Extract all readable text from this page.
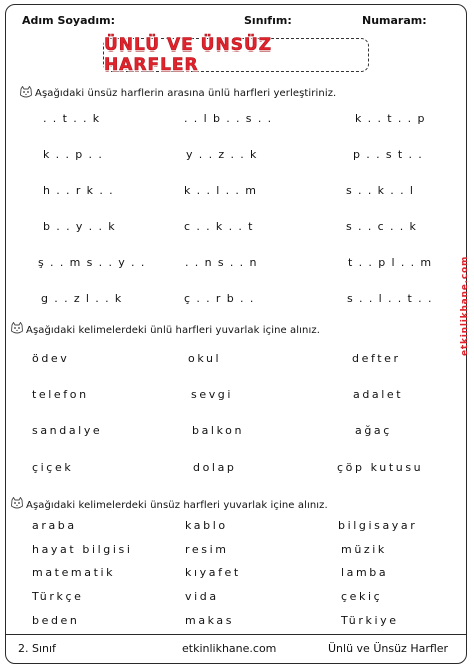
Adım Soyadım:	Sınıfım:	Numaram:
ÜNLÜ VE ÜNSÜZ HARFLER
Aşağıdaki ünsüz harflerin arasına ünlü harfleri yerleştiriniz.
. . t . . k	. . l b . . s . .	k . . t . . p
k . . p . .	y . . z . . k	p . . s t . .
h . . r k . .	k . . l . . m	s . . k . . l
b . . y . . k	c . . k . . t	s . . c . . k
ş . . m s . . y . .	. . n s . . n	t . . p l . . m
g . . z l . . k	ç . . r b . .	s . . l . . t . .
Aşağıdaki kelimelerdeki ünlü harfleri yuvarlak içine alınız.
ödev	okul	defter
telefon	sevgi	adalet
sandalye	balkon	ağaç
çiçek	dolap	çöp kutusu
Aşağıdaki kelimelerdeki ünsüz harfleri yuvarlak içine alınız.
araba	kablo	bilgisayar
hayat bilgisi	resim	müzik
matematik	kıyafet	lamba
Türkçe	vida	çekiç
beden	makas	Türkiye
etkinlikhane.com
2. Sınıf	etkinlikhane.com	Ünlü ve Ünsüz Harfler
